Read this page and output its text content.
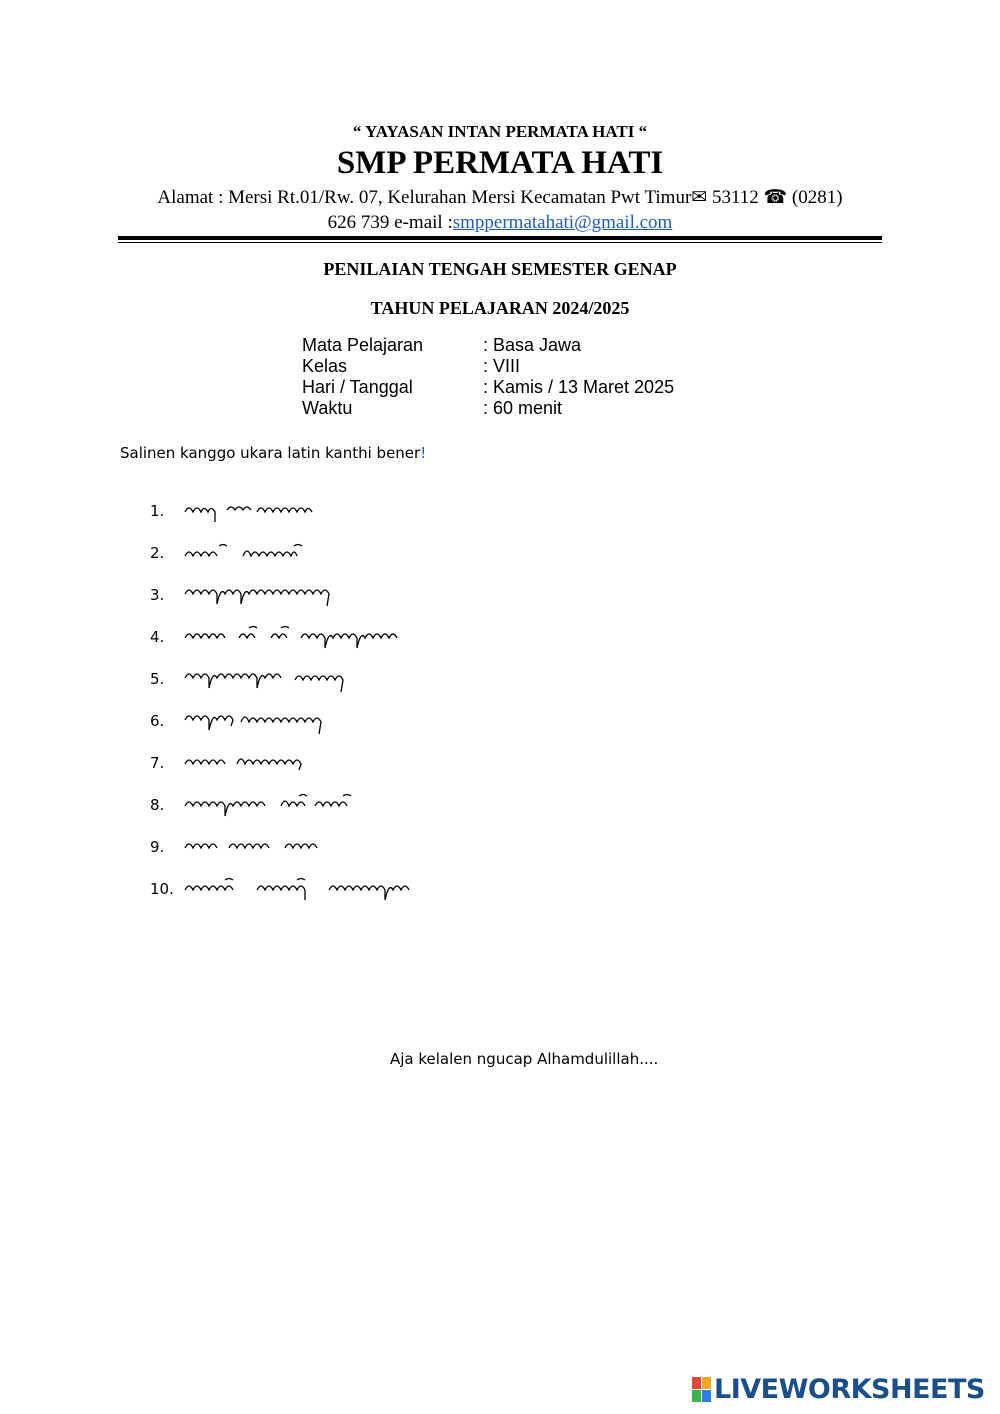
“ YAYASAN INTAN PERMATA HATI “
SMP PERMATA HATI
Alamat : Mersi Rt.01/Rw. 07, Kelurahan Mersi Kecamatan Pwt Timur✉ 53112 ☎ (0281)
626 739 e-mail :smppermatahati@gmail.com
PENILAIAN TENGAH SEMESTER GENAP
TAHUN PELAJARAN 2024/2025
Mata Pelajaran	: Basa Jawa
Kelas	: VIII
Hari / Tanggal	: Kamis / 13 Maret 2025
Waktu	: 60 menit
Salinen kanggo ukara latin kanthi bener!
1.
2.
3.
4.
5.
6.
7.
8.
9.
10.
Aja kelalen ngucap Alhamdulillah....
LIVEWORKSHEETS
